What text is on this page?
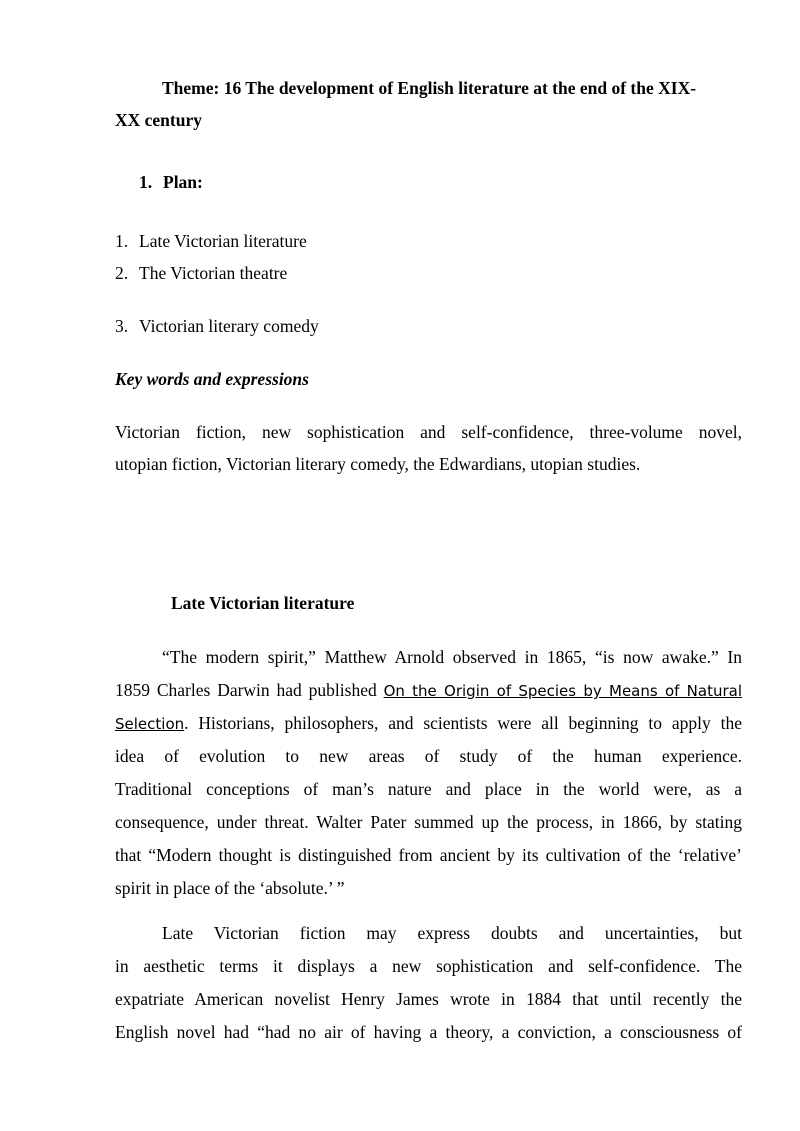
Theme: 16 The development of English literature at the end of the XIX-
XX century
1. Plan:
1. Late Victorian literature
2. The Victorian theatre
3. Victorian literary comedy
Key words and expressions
Victorian fiction, new sophistication and self-confidence, three-volume novel,
utopian fiction, Victorian literary comedy, the Edwardians, utopian studies.
Late Victorian literature
“The modern spirit,” Matthew Arnold observed in 1865, “is now awake.” In
1859 Charles Darwin had published On the Origin of Species by Means of Natural
Selection. Historians, philosophers, and scientists were all beginning to apply the
idea of evolution to new areas of study of the human experience.
Traditional conceptions of man’s nature and place in the world were, as a
consequence, under threat. Walter Pater summed up the process, in 1866, by stating
that “Modern thought is distinguished from ancient by its cultivation of the ‘relative’
spirit in place of the ‘absolute.’ ”
Late Victorian fiction may express doubts and uncertainties, but
in aesthetic terms it displays a new sophistication and self-confidence. The
expatriate American novelist Henry James wrote in 1884 that until recently the
English novel had “had no air of having a theory, a conviction, a consciousness of
